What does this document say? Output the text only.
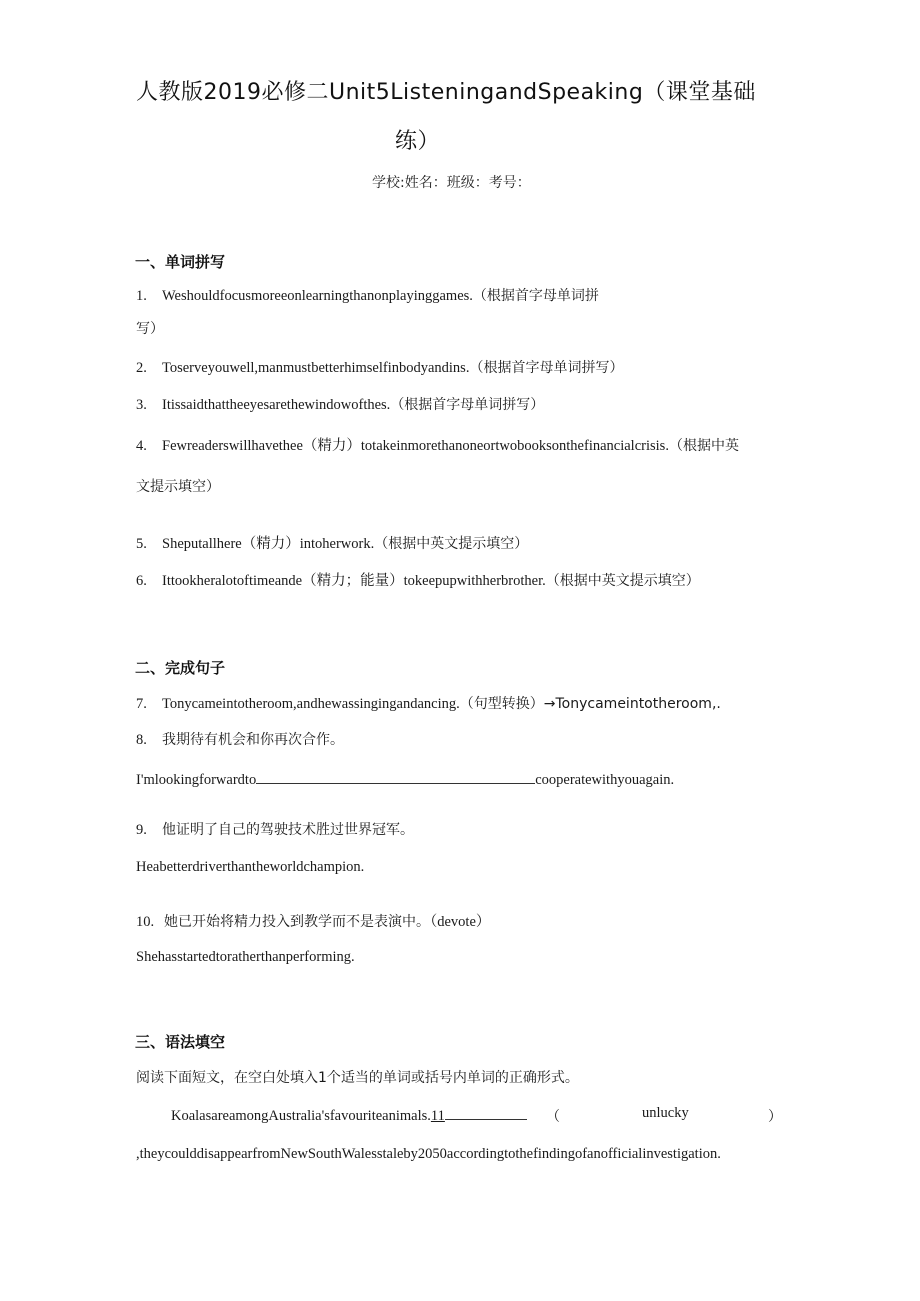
人教版2019必修二Unit5ListeningandSpeaking（课堂基础
练）
学校:姓名：班级：考号：
一、单词拼写
1. Weshouldfocusmoreeonlearningthanonplayinggames.（根据首字母单词拼
写）
2. Toserveyouwell,manmustbetterhimselfinbodyandins.（根据首字母单词拼写）
3. Itissaidthattheeyesarethewindowofthes.（根据首字母单词拼写）
4. Fewreaderswillhavethee（精力）totakeinmorethanoneortwobooksonthefinancialcrisis.（根据中英
文提示填空）
5. Sheputallhere（精力）intoherwork.（根据中英文提示填空）
6. Ittookheralotoftimeande（精力；能量）tokeepupwithherbrother.（根据中英文提示填空）
二、完成句子
7. Tonycameintotheroom,andhewassingingandancing.（句型转换）→Tonycameintotheroom,.
8. 我期待有机会和你再次合作。
I'mlookingforwardto	cooperatewithyouagain.
9. 他证明了自己的驾驶技术胜过世界冠军。
Heabetterdriverthantheworldchampion.
10. 她已开始将精力投入到教学而不是表演中。（devote）
Shehasstartedtoratherthanperforming.
三、语法填空
阅读下面短文，在空白处填入1个适当的单词或括号内单词的正确形式。
KoalasareamongAustralia'sfavouriteanimals.11	（	unlucky	）
,theycoulddisappearfromNewSouthWalesstaleby2050accordingtothefindingofanofficialinvestigation.
